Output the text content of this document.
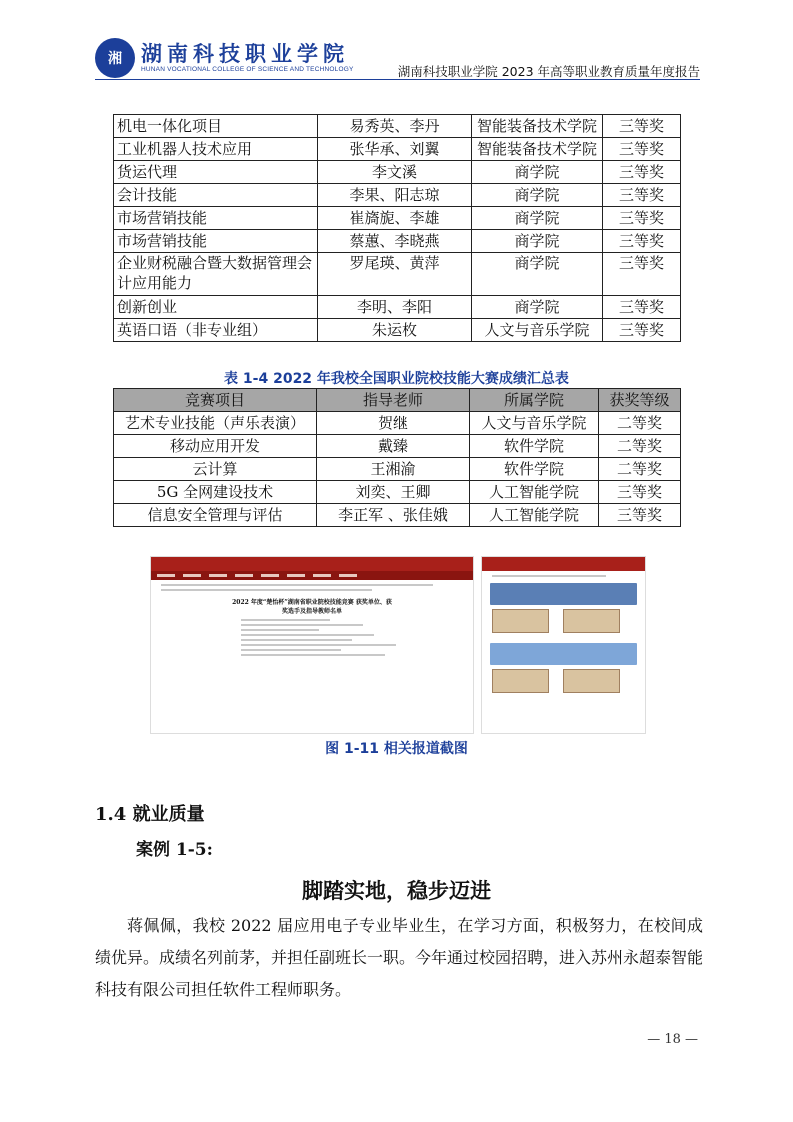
湘 湖南科技职业学院
HUNAN VOCATIONAL COLLEGE OF SCIENCE AND TECHNOLOGY	湖南科技职业学院 2023 年高等职业教育质量年度报告
机电一体化项目	易秀英、李丹	智能装备技术学院	三等奖
工业机器人技术应用	张华承、刘翼	智能装备技术学院	三等奖
货运代理	李文溪	商学院	三等奖
会计技能	李果、阳志琼	商学院	三等奖
市场营销技能	崔旖旎、李雄	商学院	三等奖
市场营销技能	蔡蕙、李晓燕	商学院	三等奖
企业财税融合暨大数据管理会计应用能力	罗尾瑛、黄萍	商学院	三等奖
创新创业	李明、李阳	商学院	三等奖
英语口语（非专业组）	朱运枚	人文与音乐学院	三等奖
表 1-4 2022 年我校全国职业院校技能大赛成绩汇总表
竞赛项目	指导老师	所属学院	获奖等级
艺术专业技能（声乐表演）	贺继	人文与音乐学院	二等奖
移动应用开发	戴臻	软件学院	二等奖
云计算	王湘渝	软件学院	二等奖
5G 全网建设技术	刘奕、王卿	人工智能学院	三等奖
信息安全管理与评估	李正军 、张佳娥	人工智能学院	三等奖
2022 年度“楚怡杯”湖南省职业院校技能竞赛 获奖单位、获奖选手及指导教师名单
图 1-11 相关报道截图
1.4 就业质量
案例 1-5:
脚踏实地，稳步迈进
蒋佩佩，我校 2022 届应用电子专业毕业生，在学习方面，积极努力，在校间成绩优异。成绩名列前茅，并担任副班长一职。今年通过校园招聘，进入苏州永超泰智能科技有限公司担任软件工程师职务。
— 18 —
